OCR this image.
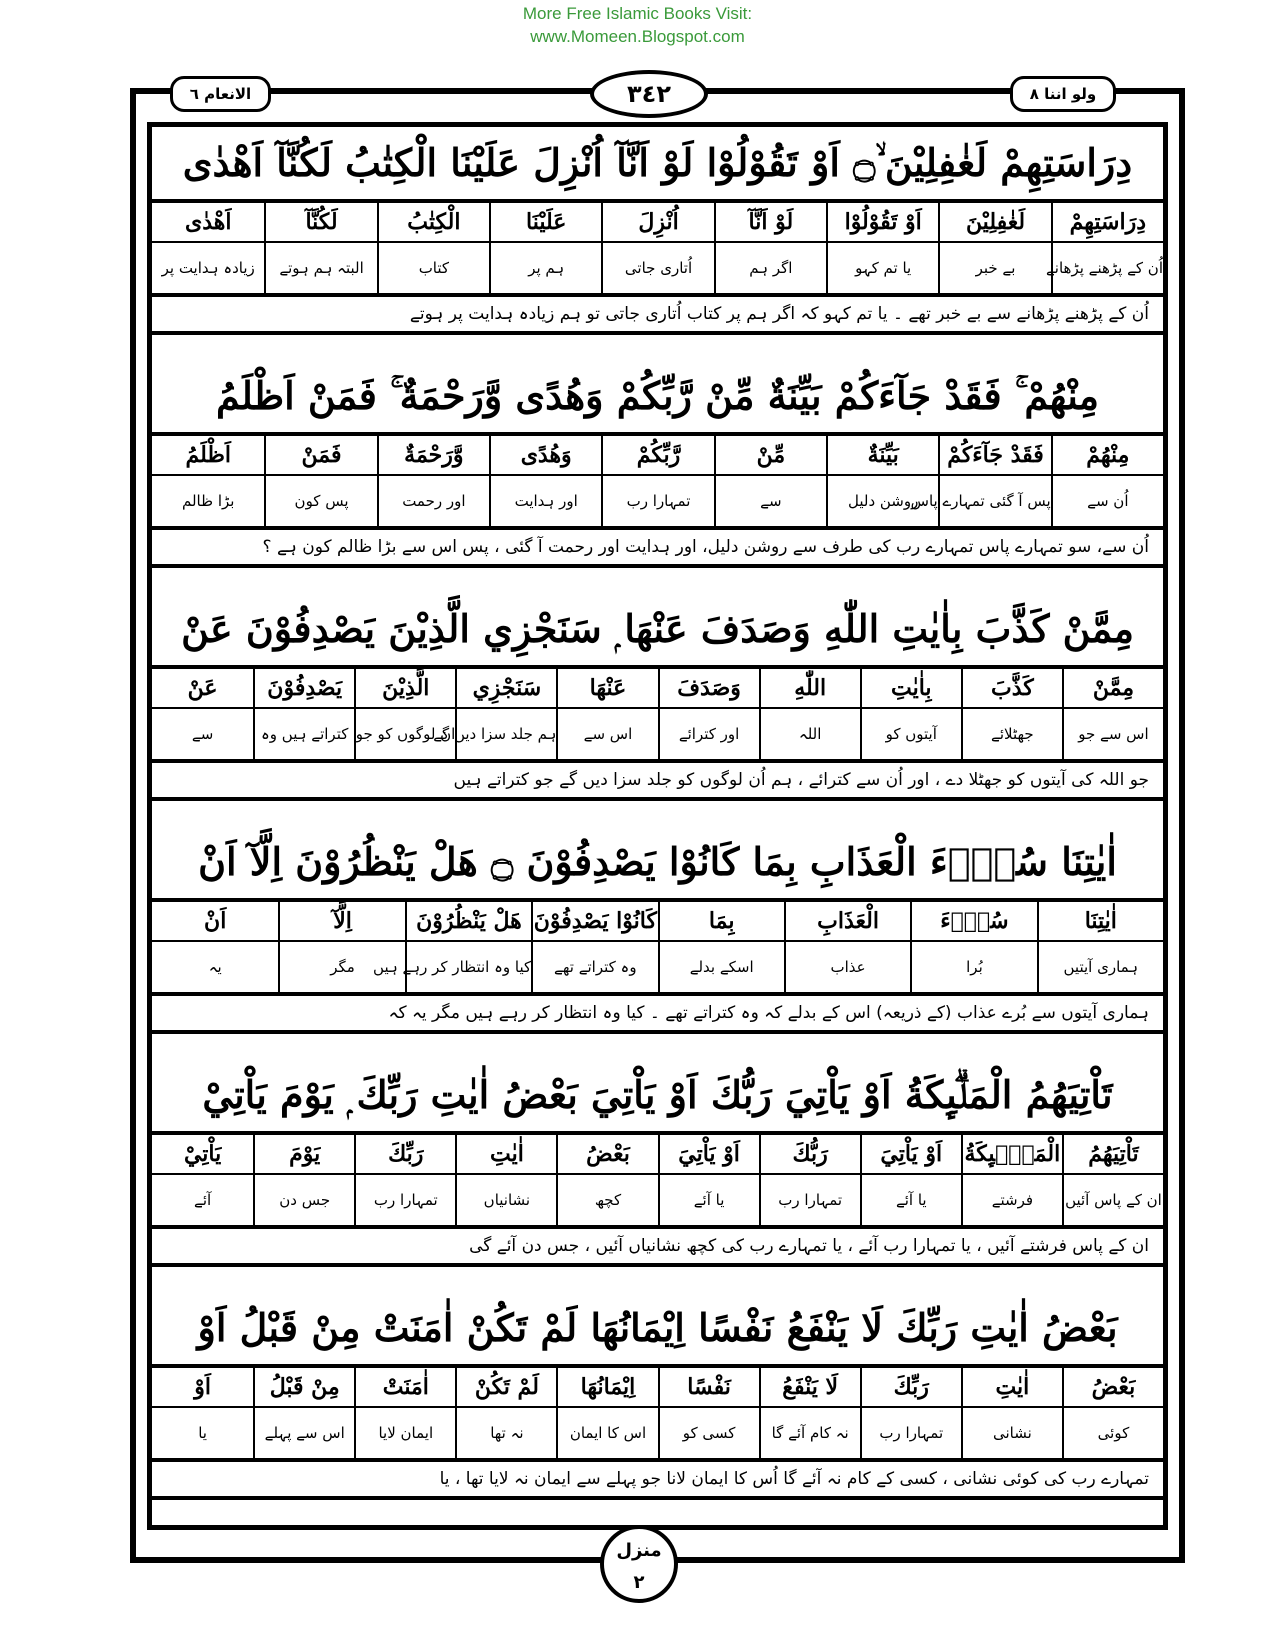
More Free Islamic Books Visit:
www.Momeen.Blogspot.com
الانعام ٦	ولو اننا ٨
٣٤٢
دِرَاسَتِهِمْ لَغٰفِلِيْنَ ۙ۝ اَوْ تَقُوْلُوْا لَوْ اَنَّآ اُنْزِلَ عَلَيْنَا الْكِتٰبُ لَكُنَّآ اَهْدٰى
دِرَاسَتِهِمْ
اُن کے پڑھنے پڑھانے
لَغٰفِلِيْنَ
بے خبر
اَوْ تَقُوْلُوْا
یا تم کہو
لَوْ اَنَّآ
اگر ہم
اُنْزِلَ
اُتاری جاتی
عَلَيْنَا
ہم پر
الْكِتٰبُ
کتاب
لَكُنَّآ
البتہ ہم ہوتے
اَهْدٰى
زیادہ ہدایت پر
اُن کے پڑھنے پڑھانے سے بے خبر تھے ۔ یا تم کہو کہ اگر ہم پر کتاب اُتاری جاتی تو ہم زیادہ ہدایت پر ہوتے
مِنْهُمْ ۚ فَقَدْ جَآءَكُمْ بَيِّنَةٌ مِّنْ رَّبِّكُمْ وَهُدًى وَّرَحْمَةٌ ۚ فَمَنْ اَظْلَمُ
مِنْهُمْ
اُن سے
فَقَدْ جَآءَكُمْ
پس آ گئی تمہارے پاس
بَيِّنَةٌ
روشن دلیل
مِّنْ
سے
رَّبِّكُمْ
تمہارا رب
وَهُدًى
اور ہدایت
وَّرَحْمَةٌ
اور رحمت
فَمَنْ
پس کون
اَظْلَمُ
بڑا ظالم
اُن سے، سو تمہارے پاس تمہارے رب کی طرف سے روشن دلیل، اور ہدایت اور رحمت آ گئی ، پس اس سے بڑا ظالم کون ہے ؟
مِمَّنْ كَذَّبَ بِاٰيٰتِ اللّٰهِ وَصَدَفَ عَنْهَا ۭ سَنَجْزِي الَّذِيْنَ يَصْدِفُوْنَ عَنْ
مِمَّنْ
اس سے جو
كَذَّبَ
جھٹلائے
بِاٰيٰتِ
آیتوں کو
اللّٰهِ
اللہ
وَصَدَفَ
اور کترائے
عَنْهَا
اس سے
سَنَجْزِي
ہم جلد سزا دیں گے
الَّذِيْنَ
ان لوگوں کو جو
يَصْدِفُوْنَ
کتراتے ہیں وہ
عَنْ
سے
جو اللہ کی آیتوں کو جھٹلا دے ، اور اُن سے کترائے ، ہم اُن لوگوں کو جلد سزا دیں گے جو کتراتے ہیں
اٰيٰتِنَا سُوْۗءَ الْعَذَابِ بِمَا كَانُوْا يَصْدِفُوْنَ ۝ هَلْ يَنْظُرُوْنَ اِلَّآ اَنْ
اٰيٰتِنَا
ہماری آیتیں
سُوْۗءَ
بُرا
الْعَذَابِ
عذاب
بِمَا
اسکے بدلے
كَانُوْا يَصْدِفُوْنَ
وہ کتراتے تھے
هَلْ يَنْظُرُوْنَ
کیا وہ انتظار کر رہے ہیں
اِلَّآ
مگر
اَنْ
یہ
ہماری آیتوں سے بُرے عذاب (کے ذریعہ) اس کے بدلے کہ وہ کتراتے تھے ۔ کیا وہ انتظار کر رہے ہیں مگر یہ کہ
تَاْتِيَهُمُ الْمَلٰۗىِٕكَةُ اَوْ يَاْتِيَ رَبُّكَ اَوْ يَاْتِيَ بَعْضُ اٰيٰتِ رَبِّكَ ۭ يَوْمَ يَاْتِيْ
تَاْتِيَهُمُ
ان کے پاس آئیں
الْمَلٰۗىِٕكَةُ
فرشتے
اَوْ يَاْتِيَ
یا آئے
رَبُّكَ
تمہارا رب
اَوْ يَاْتِيَ
یا آئے
بَعْضُ
کچھ
اٰيٰتِ
نشانیاں
رَبِّكَ
تمہارا رب
يَوْمَ
جس دن
يَاْتِيْ
آئے
ان کے پاس فرشتے آئیں ، یا تمہارا رب آئے ، یا تمہارے رب کی کچھ نشانیاں آئیں ، جس دن آئے گی
بَعْضُ اٰيٰتِ رَبِّكَ لَا يَنْفَعُ نَفْسًا اِيْمَانُهَا لَمْ تَكُنْ اٰمَنَتْ مِنْ قَبْلُ اَوْ
بَعْضُ
کوئی
اٰيٰتِ
نشانی
رَبِّكَ
تمہارا رب
لَا يَنْفَعُ
نہ کام آئے گا
نَفْسًا
کسی کو
اِيْمَانُهَا
اس کا ایمان
لَمْ تَكُنْ
نہ تھا
اٰمَنَتْ
ایمان لایا
مِنْ قَبْلُ
اس سے پہلے
اَوْ
یا
تمہارے رب کی کوئی نشانی ، کسی کے کام نہ آئے گا اُس کا ایمان لانا جو پہلے سے ایمان نہ لایا تھا ، یا
منزل
٢
